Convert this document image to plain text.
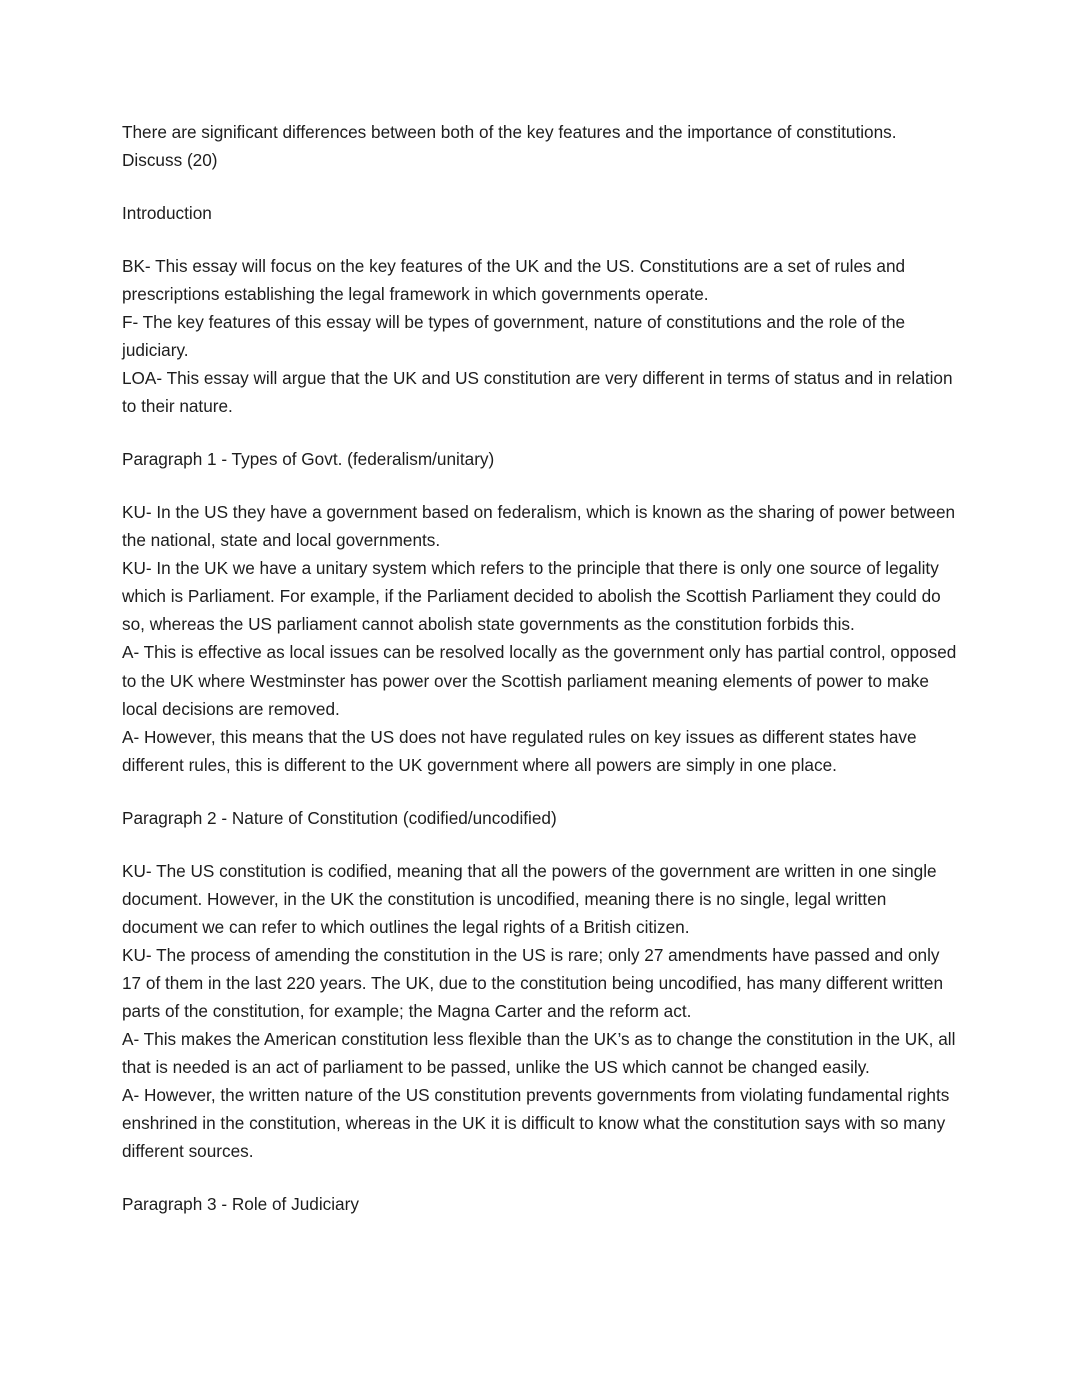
There are significant differences between both of the key features and the importance of constitutions. Discuss (20)
Introduction
BK- This essay will focus on the key features of the UK and the US. Constitutions are a set of rules and prescriptions establishing the legal framework in which governments operate.
F- The key features of this essay will be types of government, nature of constitutions and the role of the judiciary.
LOA- This essay will argue that the UK and US constitution are very different in terms of status and in relation to their nature.
Paragraph 1 - Types of Govt. (federalism/unitary)
KU- In the US they have a government based on federalism, which is known as the sharing of power between the national, state and local governments.
KU- In the UK we have a unitary system which refers to the principle that there is only one source of legality which is Parliament. For example, if the Parliament decided to abolish the Scottish Parliament they could do so, whereas the US parliament cannot abolish state governments as the constitution forbids this.
A- This is effective as local issues can be resolved locally as the government only has partial control, opposed to the UK where Westminster has power over the Scottish parliament meaning elements of power to make local decisions are removed.
A- However, this means that the US does not have regulated rules on key issues as different states have different rules, this is different to the UK government where all powers are simply in one place.
Paragraph 2 - Nature of Constitution (codified/uncodified)
KU- The US constitution is codified, meaning that all the powers of the government are written in one single document. However, in the UK the constitution is uncodified, meaning there is no single, legal written document we can refer to which outlines the legal rights of a British citizen.
KU- The process of amending the constitution in the US is rare; only 27 amendments have passed and only 17 of them in the last 220 years. The UK, due to the constitution being uncodified, has many different written parts of the constitution, for example; the Magna Carter and the reform act.
A- This makes the American constitution less flexible than the UK’s as to change the constitution in the UK, all that is needed is an act of parliament to be passed, unlike the US which cannot be changed easily.
A- However, the written nature of the US constitution prevents governments from violating fundamental rights enshrined in the constitution, whereas in the UK it is difficult to know what the constitution says with so many different sources.
Paragraph 3 - Role of Judiciary
